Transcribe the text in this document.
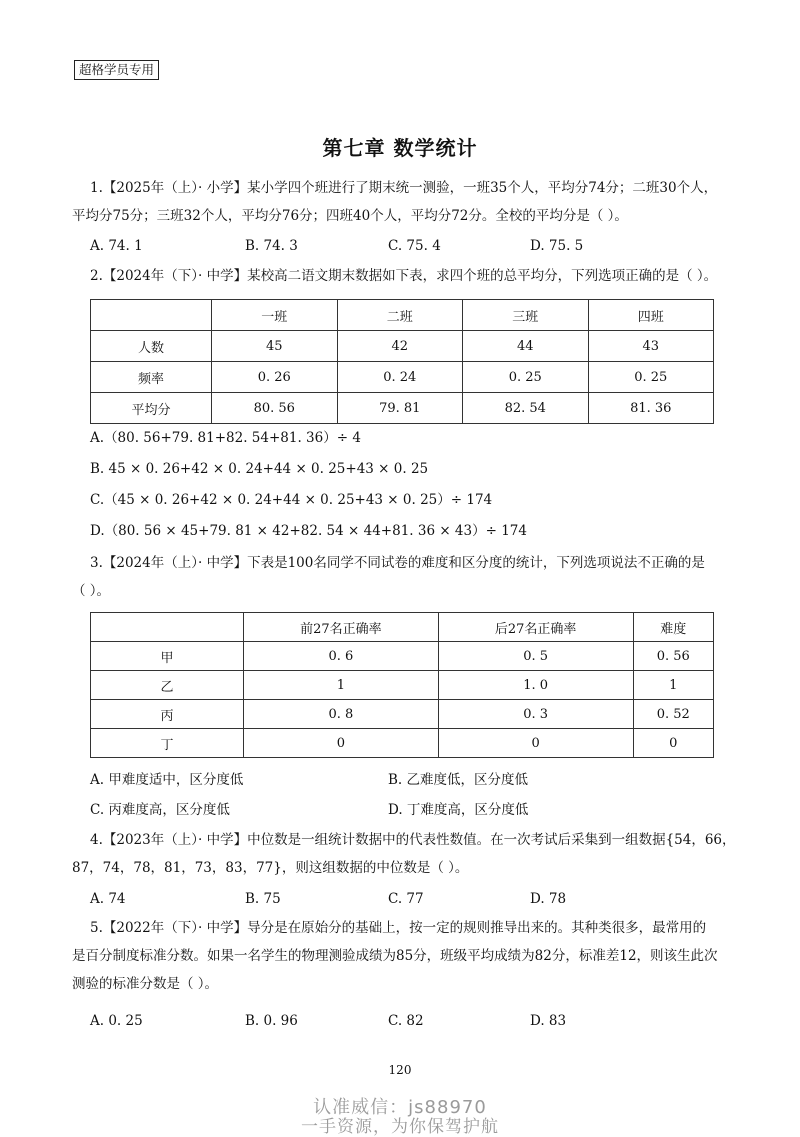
超格学员专用
第七章 数学统计
1.【2025年（上）· 小学】某小学四个班进行了期末统一测验，一班35个人，平均分74分；二班30个人，
平均分75分；三班32个人，平均分76分；四班40个人，平均分72分。全校的平均分是（ ）。
A. 74. 1	B. 74. 3	C. 75. 4	D. 75. 5
2.【2024年（下）· 中学】某校高二语文期末数据如下表，求四个班的总平均分，下列选项正确的是（ ）。
	一班	二班	三班	四班
人数	45	42	44	43
频率	0. 26	0. 24	0. 25	0. 25
平均分	80. 56	79. 81	82. 54	81. 36
A.（80. 56+79. 81+82. 54+81. 36）÷ 4
B. 45 × 0. 26+42 × 0. 24+44 × 0. 25+43 × 0. 25
C.（45 × 0. 26+42 × 0. 24+44 × 0. 25+43 × 0. 25）÷ 174
D.（80. 56 × 45+79. 81 × 42+82. 54 × 44+81. 36 × 43）÷ 174
3.【2024年（上）· 中学】下表是100名同学不同试卷的难度和区分度的统计，下列选项说法不正确的是
（ ）。
	前27名正确率	后27名正确率	难度
甲	0. 6	0. 5	0. 56
乙	1	1. 0	1
丙	0. 8	0. 3	0. 52
丁	0	0	0
A. 甲难度适中，区分度低	B. 乙难度低，区分度低
C. 丙难度高，区分度低	D. 丁难度高，区分度低
4.【2023年（上）· 中学】中位数是一组统计数据中的代表性数值。在一次考试后采集到一组数据{54，66，
87，74，78，81，73，83，77}，则这组数据的中位数是（ ）。
A. 74	B. 75	C. 77	D. 78
5.【2022年（下）· 中学】导分是在原始分的基础上，按一定的规则推导出来的。其种类很多，最常用的
是百分制度标准分数。如果一名学生的物理测验成绩为85分，班级平均成绩为82分，标准差12，则该生此次
测验的标准分数是（ ）。
A. 0. 25	B. 0. 96	C. 82	D. 83
120
认准威信：js88970
一手资源，为你保驾护航
